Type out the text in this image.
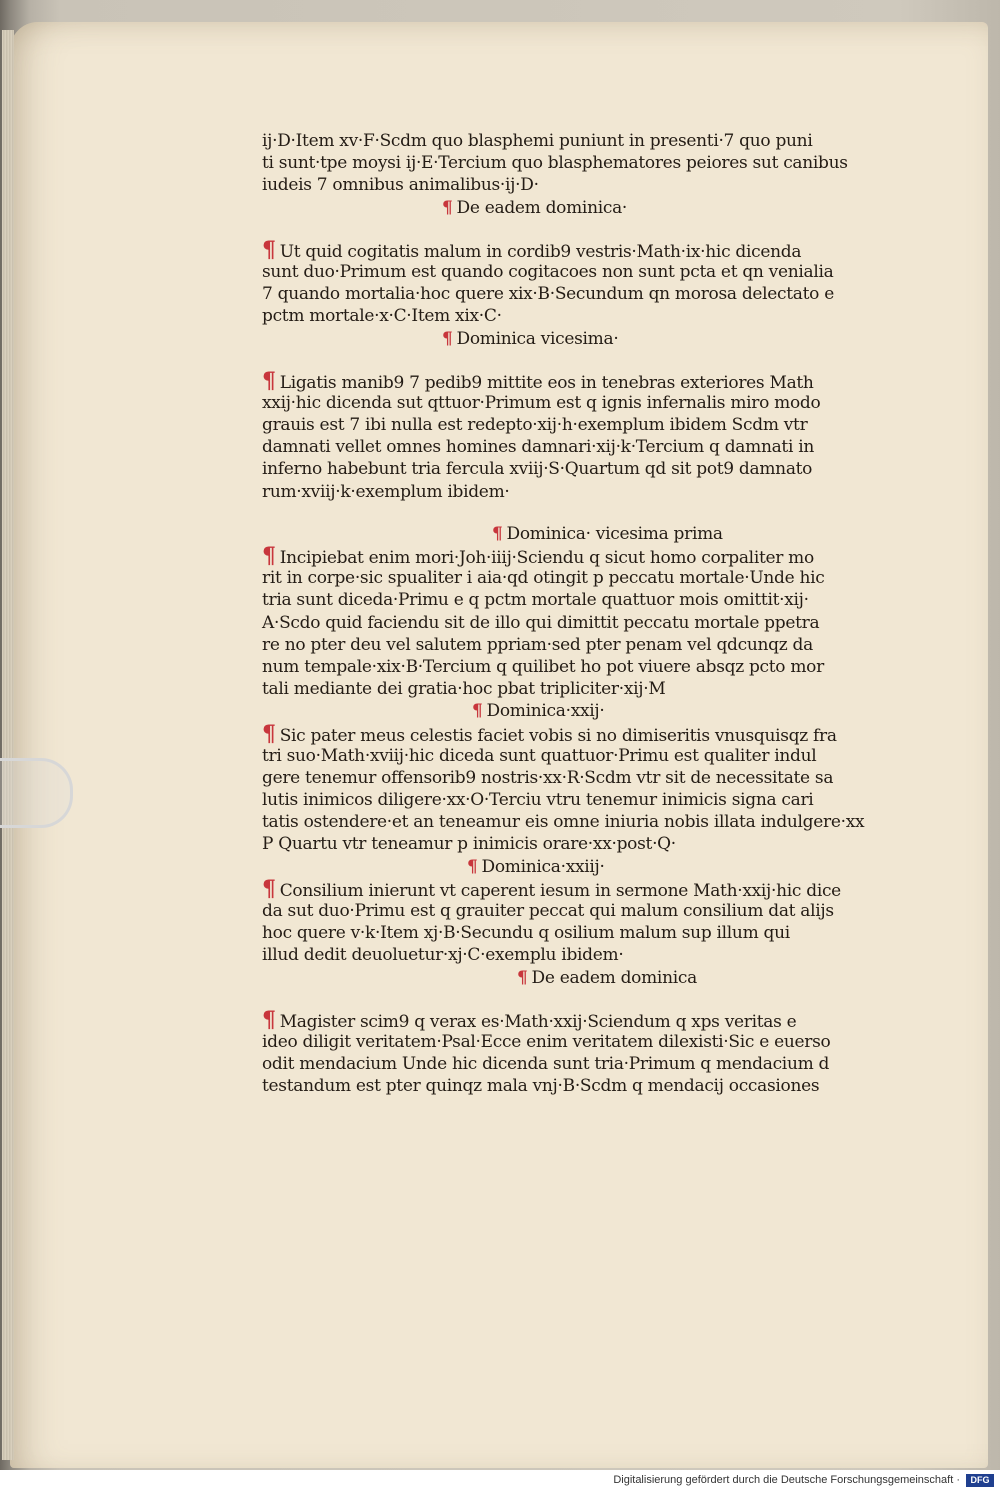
ij·D·Item xv·F·Scdm quo blasphemi puniunt in presenti·7 quo puni
ti sunt·tpe moysi ij·E·Tercium quo blasphematores peiores sut canibus
iudeis 7 omnibus animalibus·ij·D·
¶ De eadem dominica·
¶ Ut quid cogitatis malum in cordib9 vestris·Math·ix·hic dicenda
sunt duo·Primum est quando cogitacoes non sunt pcta et qn venialia
7 quando mortalia·hoc quere xix·B·Secundum qn morosa delectato e
pctm mortale·x·C·Item xix·C·
¶ Dominica vicesima·
¶ Ligatis manib9 7 pedib9 mittite eos in tenebras exteriores Math
xxij·hic dicenda sut qttuor·Primum est q ignis infernalis miro modo
grauis est 7 ibi nulla est redepto·xij·h·exemplum ibidem Scdm vtr
damnati vellet omnes homines damnari·xij·k·Tercium q damnati in
inferno habebunt tria fercula xviij·S·Quartum qd sit pot9 damnato
rum·xviij·k·exemplum ibidem·
¶ Dominica· vicesima prima
¶ Incipiebat enim mori·Joh·iiij·Sciendu q sicut homo corpaliter mo
rit in corpe·sic spualiter i aia·qd otingit p peccatu mortale·Unde hic
tria sunt diceda·Primu e q pctm mortale quattuor mois omittit·xij·
A·Scdo quid faciendu sit de illo qui dimittit peccatu mortale ppetra
re no pter deu vel salutem ppriam·sed pter penam vel qdcunqz da
num tempale·xix·B·Tercium q quilibet ho pot viuere absqz pcto mor
tali mediante dei gratia·hoc pbat tripliciter·xij·M
¶ Dominica·xxij·
¶ Sic pater meus celestis faciet vobis si no dimiseritis vnusquisqz fra
tri suo·Math·xviij·hic diceda sunt quattuor·Primu est qualiter indul
gere tenemur offensorib9 nostris·xx·R·Scdm vtr sit de necessitate sa
lutis inimicos diligere·xx·O·Terciu vtru tenemur inimicis signa cari
tatis ostendere·et an teneamur eis omne iniuria nobis illata indulgere·xx
P Quartu vtr teneamur p inimicis orare·xx·post·Q·
¶ Dominica·xxiij·
¶ Consilium inierunt vt caperent iesum in sermone Math·xxij·hic dice
da sut duo·Primu est q grauiter peccat qui malum consilium dat alijs
hoc quere v·k·Item xj·B·Secundu q osilium malum sup illum qui
illud dedit deuoluetur·xj·C·exemplu ibidem·
¶ De eadem dominica
¶ Magister scim9 q verax es·Math·xxij·Sciendum q xps veritas e
ideo diligit veritatem·Psal·Ecce enim veritatem dilexisti·Sic e euerso
odit mendacium Unde hic dicenda sunt tria·Primum q mendacium d
testandum est pter quinqz mala vnj·B·Scdm q mendacij occasiones
Digitalisierung gefördert durch die Deutsche Forschungsgemeinschaft ·	DFG
